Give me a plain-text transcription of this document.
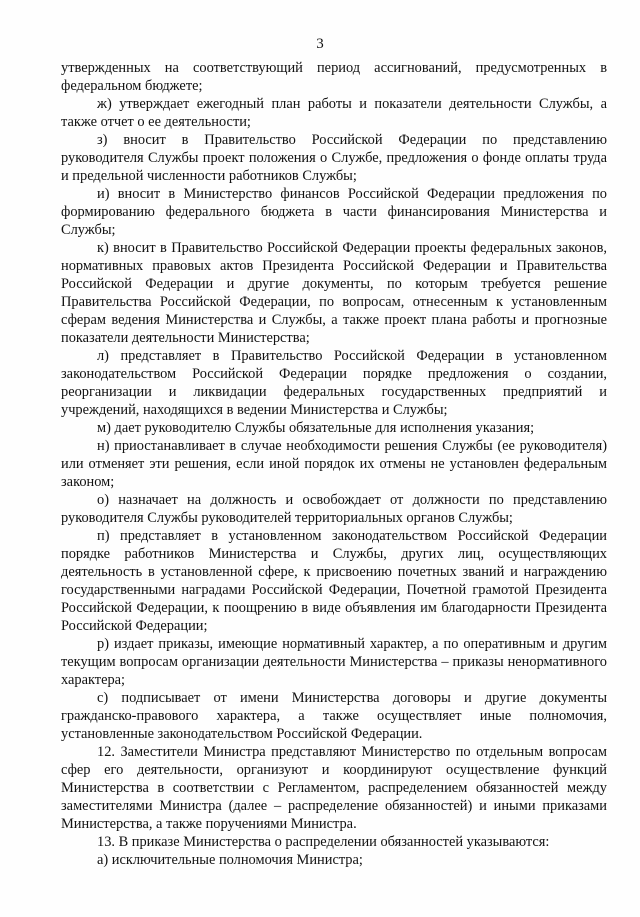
3

утвержденных на соответствующий период ассигнований, предусмотренных в федеральном бюджете;

ж) утверждает ежегодный план работы и показатели деятельности Службы, а также отчет о ее деятельности;

з) вносит в Правительство Российской Федерации по представлению руководителя Службы проект положения о Службе, предложения о фонде оплаты труда и предельной численности работников Службы;

и) вносит в Министерство финансов Российской Федерации предложения по формированию федерального бюджета в части финансирования Министерства и Службы;

к) вносит в Правительство Российской Федерации проекты федеральных законов, нормативных правовых актов Президента Российской Федерации и Правительства Российской Федерации и другие документы, по которым требуется решение Правительства Российской Федерации, по вопросам, отнесенным к установленным сферам ведения Министерства и Службы, а также проект плана работы и прогнозные показатели деятельности Министерства;

л) представляет в Правительство Российской Федерации в установленном законодательством Российской Федерации порядке предложения о создании, реорганизации и ликвидации федеральных государственных предприятий и учреждений, находящихся в ведении Министерства и Службы;

м) дает руководителю Службы обязательные для исполнения указания;

н) приостанавливает в случае необходимости решения Службы (ее руководителя) или отменяет эти решения, если иной порядок их отмены не установлен федеральным законом;

о) назначает на должность и освобождает от должности по представлению руководителя Службы руководителей территориальных органов Службы;

п) представляет в установленном законодательством Российской Федерации порядке работников Министерства и Службы, других лиц, осуществляющих деятельность в установленной сфере, к присвоению почетных званий и награждению государственными наградами Российской Федерации, Почетной грамотой Президента Российской Федерации, к поощрению в виде объявления им благодарности Президента Российской Федерации;

р) издает приказы, имеющие нормативный характер, а по оперативным и другим текущим вопросам организации деятельности Министерства – приказы ненормативного характера;

с) подписывает от имени Министерства договоры и другие документы гражданско-правового характера, а также осуществляет иные полномочия, установленные законодательством Российской Федерации.

12. Заместители Министра представляют Министерство по отдельным вопросам сфер его деятельности, организуют и координируют осуществление функций Министерства в соответствии с Регламентом, распределением обязанностей между заместителями Министра (далее – распределение обязанностей) и иными приказами Министерства, а также поручениями Министра.

13. В приказе Министерства о распределении обязанностей указываются:

а) исключительные полномочия Министра;
